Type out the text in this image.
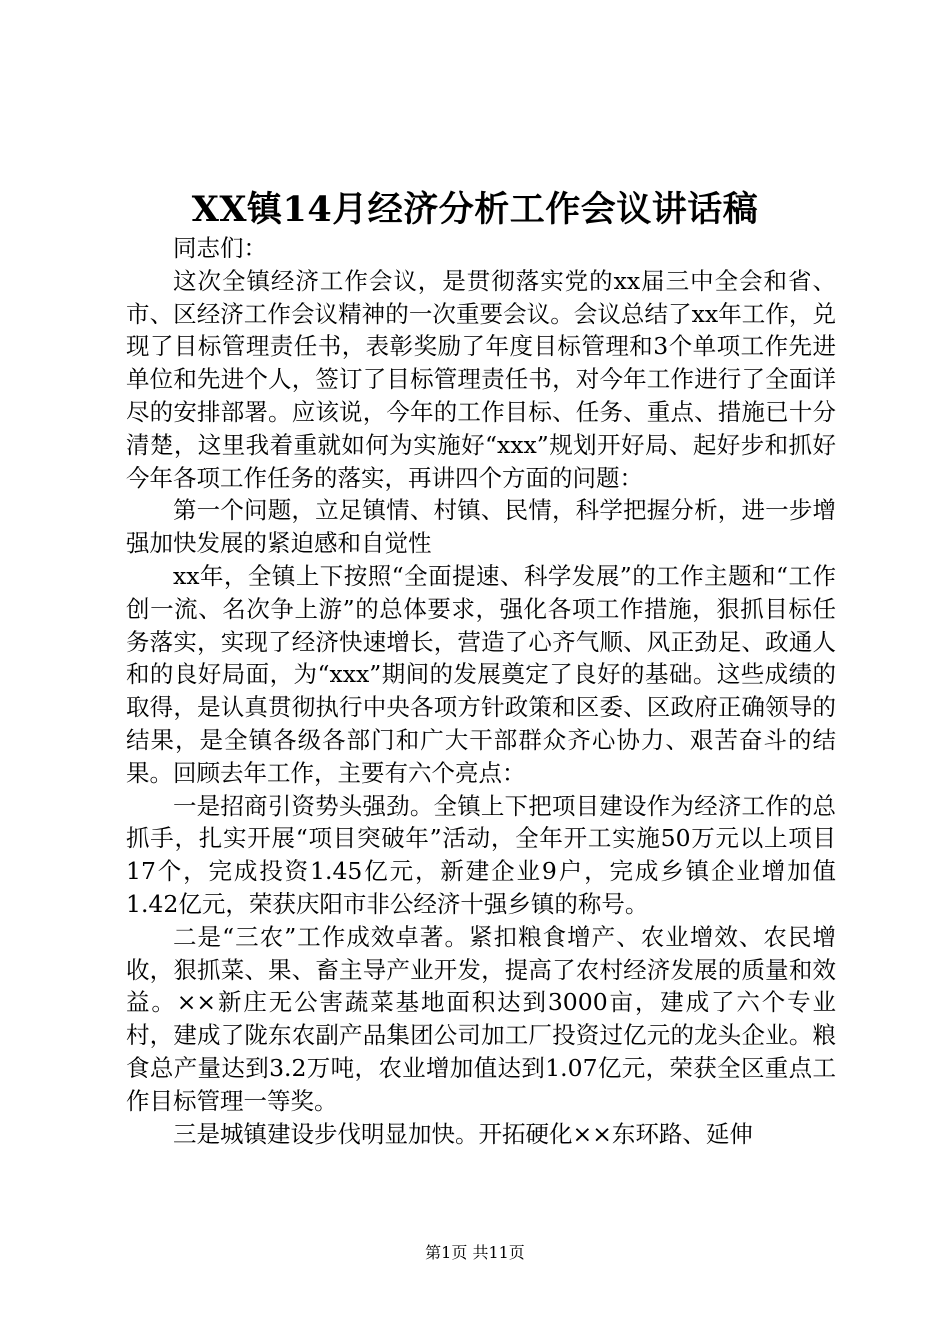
XX镇14月经济分析工作会议讲话稿

同志们：

这次全镇经济工作会议，是贯彻落实党的xx届三中全会和省、市、区经济工作会议精神的一次重要会议。会议总结了xx年工作，兑现了目标管理责任书，表彰奖励了年度目标管理和3个单项工作先进单位和先进个人，签订了目标管理责任书，对今年工作进行了全面详尽的安排部署。应该说，今年的工作目标、任务、重点、措施已十分清楚，这里我着重就如何为实施好“xxx”规划开好局、起好步和抓好今年各项工作任务的落实，再讲四个方面的问题：

第一个问题，立足镇情、村镇、民情，科学把握分析，进一步增强加快发展的紧迫感和自觉性

xx年，全镇上下按照“全面提速、科学发展”的工作主题和“工作创一流、名次争上游”的总体要求，强化各项工作措施，狠抓目标任务落实，实现了经济快速增长，营造了心齐气顺、风正劲足、政通人和的良好局面，为“xxx”期间的发展奠定了良好的基础。这些成绩的取得，是认真贯彻执行中央各项方针政策和区委、区政府正确领导的结果，是全镇各级各部门和广大干部群众齐心协力、艰苦奋斗的结果。回顾去年工作，主要有六个亮点：

一是招商引资势头强劲。全镇上下把项目建设作为经济工作的总抓手，扎实开展“项目突破年”活动，全年开工实施50万元以上项目17个，完成投资1.45亿元，新建企业9户，完成乡镇企业增加值1.42亿元，荣获庆阳市非公经济十强乡镇的称号。

二是“三农”工作成效卓著。紧扣粮食增产、农业增效、农民增收，狠抓菜、果、畜主导产业开发，提高了农村经济发展的质量和效益。××新庄无公害蔬菜基地面积达到3000亩，建成了六个专业村，建成了陇东农副产品集团公司加工厂投资过亿元的龙头企业。粮食总产量达到3.2万吨，农业增加值达到1.07亿元，荣获全区重点工作目标管理一等奖。

三是城镇建设步伐明显加快。开拓硬化××东环路、延伸

第1页 共11页
